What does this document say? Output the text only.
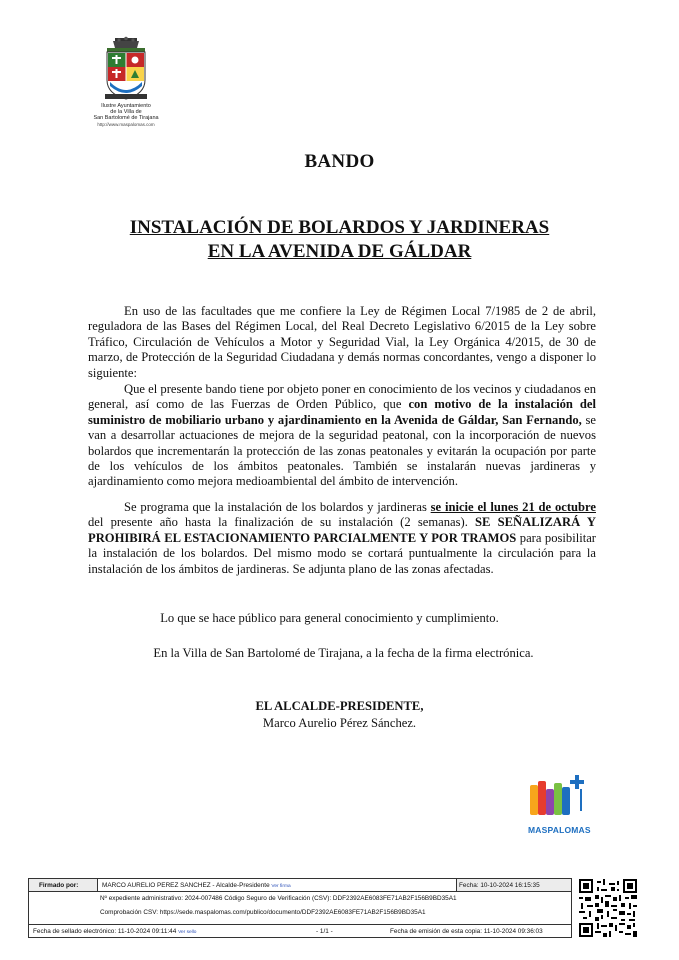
Ilustre Ayuntamiento
de la Villa de
San Bartolomé de Tirajana
http://www.maspalomas.com
BANDO
INSTALACIÓN DE BOLARDOS Y JARDINERAS
EN LA AVENIDA DE GÁLDAR
En uso de las facultades que me confiere la Ley de Régimen Local 7/1985 de 2 de abril, reguladora de las Bases del Régimen Local, del Real Decreto Legislativo 6/2015 de la Ley sobre Tráfico, Circulación de Vehículos a Motor y Seguridad Vial, la Ley Orgánica 4/2015, de 30 de marzo, de Protección de la Seguridad Ciudadana y demás normas concordantes, vengo a disponer lo siguiente:
Que el presente bando tiene por objeto poner en conocimiento de los vecinos y ciudadanos en general, así como de las Fuerzas de Orden Público, que con motivo de la instalación del suministro de mobiliario urbano y ajardinamiento en la Avenida de Gáldar, San Fernando, se van a desarrollar actuaciones de mejora de la seguridad peatonal, con la incorporación de nuevos bolardos que incrementarán la protección de las zonas peatonales y evitarán la ocupación por parte de los vehículos de los ámbitos peatonales. También se instalarán nuevas jardineras y ajardinamiento como mejora medioambiental del ámbito de intervención.
Se programa que la instalación de los bolardos y jardineras se inicie el lunes 21 de octubre del presente año hasta la finalización de su instalación (2 semanas). SE SEÑALIZARÁ Y PROHIBIRÁ EL ESTACIONAMIENTO PARCIALMENTE Y POR TRAMOS para posibilitar la instalación de los bolardos. Del mismo modo se cortará puntualmente la circulación para la instalación de los ámbitos de jardineras. Se adjunta plano de las zonas afectadas.
Lo que se hace público para general conocimiento y cumplimiento.
En la Villa de San Bartolomé de Tirajana, a la fecha de la firma electrónica.
EL ALCALDE-PRESIDENTE,
Marco Aurelio Pérez Sánchez.
MASPALOMAS
Firmado por:	MARCO AURELIO PEREZ SANCHEZ - Alcalde-Presidente Ver firma	Fecha: 10-10-2024 16:15:35
Nº expediente administrativo: 2024-007486 Código Seguro de Verificación (CSV): DDF2392AE6083FE71AB2F156B9BD35A1
Comprobación CSV: https://sede.maspalomas.com/publico/documento/DDF2392AE6083FE71AB2F156B9BD35A1
Fecha de sellado electrónico: 11-10-2024 09:11:44 Ver sello	- 1/1 -	Fecha de emisión de esta copia: 11-10-2024 09:36:03
